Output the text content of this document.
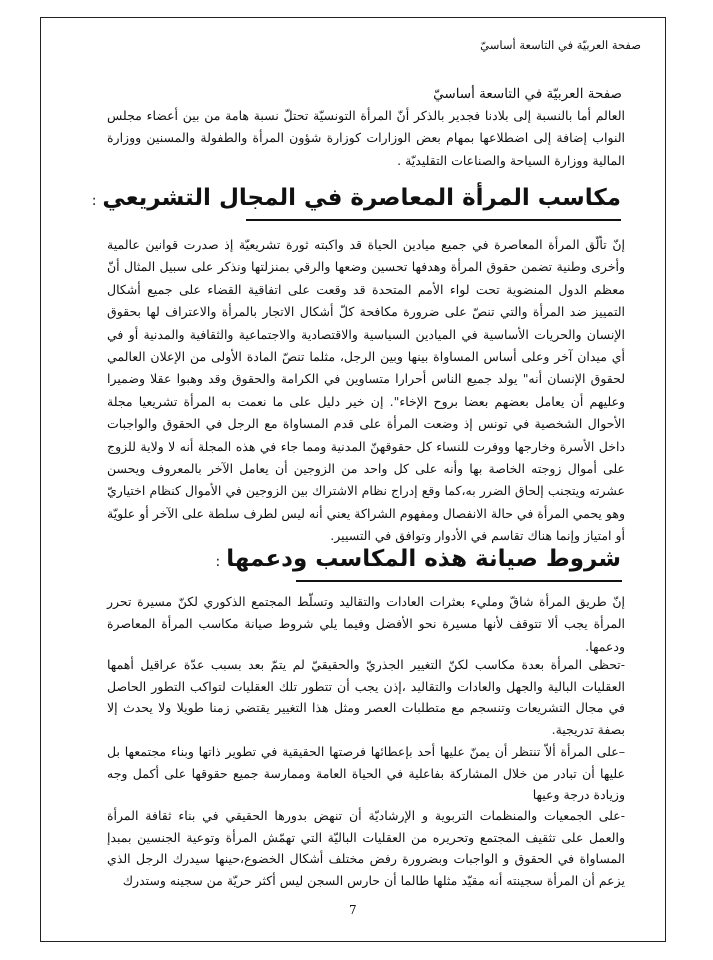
صفحة العربيّة في التاسعة أساسيّ
صفحة العربيّة في التاسعة أساسيّ

العالم أما بالنسبة إلى بلادنا فجدير بالذكر أنّ المرأة التونسيّة تحتلّ نسبة هامة من بين أعضاء مجلس النواب إضافة إلى اضطلاعها بمهام بعض الوزارات كوزارة شؤون المرأة والطفولة والمسنين ووزارة المالية ووزارة السياحة والصناعات التقليديّة .

مكاسب المرأة المعاصرة في المجال التشريعي:

إنّ تألّق المرأة المعاصرة في جميع ميادين الحياة قد واكبته ثورة تشريعيّة إذ صدرت قوانين عالمية وأخرى وطنية تضمن حقوق المرأة وهدفها تحسين وضعها والرقي بمنزلتها ونذكر على سبيل المثال أنّ معظم الدول المنضوية تحت لواء الأمم المتحدة قد وقعت على اتفاقية القضاء على جميع أشكال التمييز ضد المرأة والتي تنصّ على ضرورة مكافحة كلّ أشكال الاتجار بالمرأة والاعتراف لها بحقوق الإنسان والحريات الأساسية في الميادين السياسية والاقتصادية والاجتماعية والثقافية والمدنية أو في أي ميدان آخر وعلى أساس المساواة بينها وبين الرجل، مثلما تنصّ المادة الأولى من الإعلان العالمي لحقوق الإنسان أنه" يولد جميع الناس أحرارا متساوين في الكرامة والحقوق وقد وهبوا عقلا وضميرا وعليهم أن يعامل بعضهم بعضا بروح الإخاء". إن خير دليل على ما نعمت به المرأة تشريعيا مجلة الأحوال الشخصية في تونس إذ وضعت المرأة على قدم المساواة مع الرجل في الحقوق والواجبات داخل الأسرة وخارجها ووفرت للنساء كل حقوقهنّ المدنية ومما جاء في هذه المجلة أنه لا ولاية للزوج على أموال زوجته الخاصة بها وأنه على كل واحد من الزوجين أن يعامل الآخر بالمعروف ويحسن عشرته ويتجنب إلحاق الضرر به،كما وقع إدراج نظام الاشتراك بين الزوجين في الأموال كنظام اختياريّ وهو يحمي المرأة في حالة الانفصال ومفهوم الشراكة يعني أنه ليس لطرف سلطة على الآخر أو علويّة أو امتياز وإنما هناك تقاسم في الأدوار وتوافق في التسيير.

شروط صيانة هذه المكاسب ودعمها:

إنّ طريق المرأة شاقّ ومليء بعثرات العادات والتقاليد وتسلّط المجتمع الذكوري لكنّ مسيرة تحرر المرأة يجب ألا تتوقف لأنها مسيرة نحو الأفضل وفيما يلي شروط صيانة مكاسب المرأة المعاصرة ودعمها.

-تحظى المرأة بعدة مكاسب لكنّ التغيير الجذريّ والحقيقيّ لم يتمّ بعد بسبب عدّة عراقيل أهمها العقليات البالية والجهل والعادات والتقاليد ،إذن يجب أن تتطور تلك العقليات لتواكب التطور الحاصل في مجال التشريعات وتنسجم مع متطلبات العصر ومثل هذا التغيير يقتضي زمنا طويلا ولا يحدث إلا بصفة تدريجية.

–على المرأة ألاّ تنتظر أن يمنّ عليها أحد بإعطائها فرصتها الحقيقية في تطوير ذاتها وبناء مجتمعها بل عليها أن تبادر من خلال المشاركة بفاعلية في الحياة العامة وممارسة جميع حقوقها على أكمل وجه وزيادة درجة وعيها

-على الجمعيات والمنظمات التربوية و الإرشاديّة أن تنهض بدورها الحقيقي في بناء ثقافة المرأة والعمل على تثقيف المجتمع وتحريره من العقليات الباليّة التي تهمّش المرأة وتوعية الجنسين بمبدإ المساواة في الحقوق و الواجبات وبضرورة رفض مختلف أشكال الخضوع،حينها سيدرك الرجل الذي يزعم أن المرأة سجينته أنه مقيّد مثلها طالما أن حارس السجن ليس أكثر حريّة من سجينه وستدرك

7
